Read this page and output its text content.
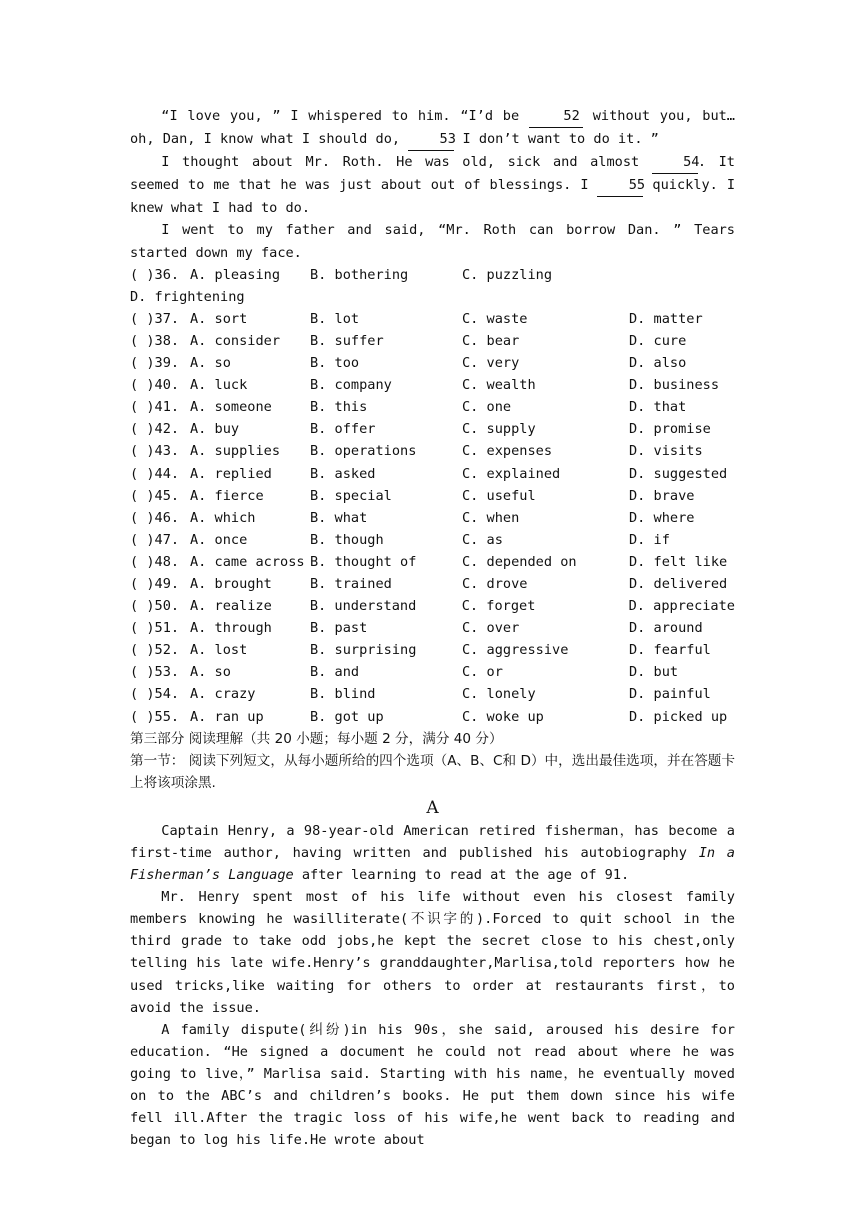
“I love you, ” I whispered to him. “I’d be	52 without you, but…oh, Dan, I know what I should do, 53 I don’t want to do it. ”

I thought about Mr. Roth. He was old, sick and almost 54. It seemed to me that he was just about out of blessings. I 55 quickly. I knew what I had to do.

I went to my father and said, “Mr. Roth can borrow Dan. ” Tears started down my face.

( )36. A. pleasing	B. bothering	C. puzzling
D. frightening
( )37. A. sort	B. lot	C. waste	D. matter
( )38. A. consider	B. suffer	C. bear	D. cure
( )39. A. so	B. too	C. very	D. also
( )40. A. luck	B. company	C. wealth	D. business
( )41. A. someone	B. this	C. one	D. that
( )42. A. buy	B. offer	C. supply	D. promise
( )43. A. supplies	B. operations	C. expenses	D. visits
( )44. A. replied	B. asked	C. explained	D. suggested
( )45. A. fierce	B. special	C. useful	D. brave
( )46. A. which	B. what	C. when	D. where
( )47. A. once	B. though	C. as	D. if
( )48. A. came across B. thought of	C. depended on	D. felt like
( )49. A. brought	B. trained	C. drove	D. delivered
( )50. A. realize	B. understand	C. forget	D. appreciate
( )51. A. through	B. past	C. over	D. around
( )52. A. lost	B. surprising	C. aggressive	D. fearful
( )53. A. so	B. and	C. or	D. but
( )54. A. crazy	B. blind	C. lonely	D. painful
( )55. A. ran up	B. got up	C. woke up	D. picked up

第三部分 阅读理解（共 20 小题；每小题 2 分，满分 40 分）

第一节： 阅读下列短文，从每小题所给的四个选项（A、B、C和 D）中，选出最佳选项，并在答题卡上将该项涂黑.

A

Captain Henry, a 98-year-old American retired fisherman，has become a first-time author, having written and published his autobiography In a Fisherman’s Language after learning to read at the age of 91.

Mr. Henry spent most of his life without even his closest family members knowing he wasilliterate(不识字的).Forced to quit school in the third grade to take odd jobs,he kept the secret close to his chest,only telling his late wife.Henry’s granddaughter,Marlisa,told reporters how he used tricks,like waiting for others to order at restaurants first，to avoid the issue.

A family dispute(纠纷)in his 90s，she said, aroused his desire for education. “He signed a document he could not read about where he was going to live，” Marlisa said. Starting with his name，he eventually moved on to the ABC’s and children’s books. He put them down since his wife fell ill.After the tragic loss of his wife,he went back to reading and began to log his life.He wrote about
